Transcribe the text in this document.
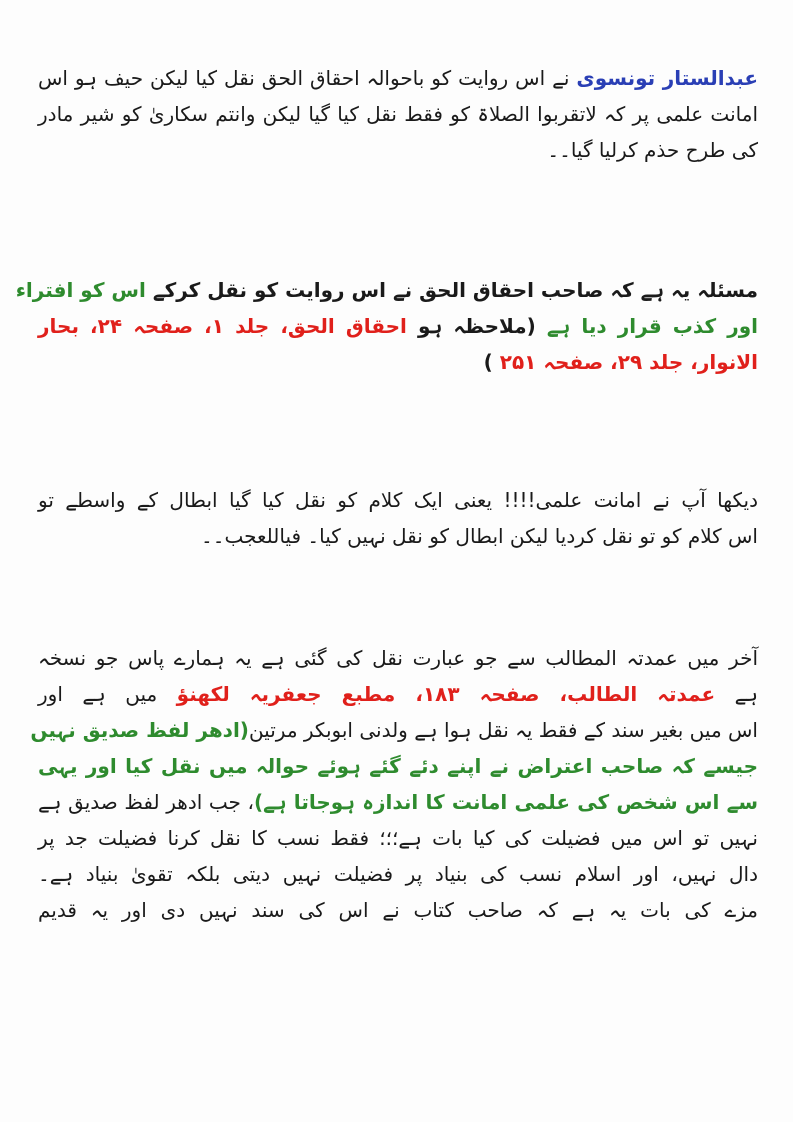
عبدالستار تونسوی نے اس روایت کو باحوالہ احقاق الحق نقل کیا لیکن حیف ہو اس
امانت علمی پر کہ لاتقربوا الصلاۃ کو فقط نقل کیا گیا لیکن وانتم سکاریٰ کو شیر مادر
کی طرح حذم کرلیا گیا۔۔
مسئلہ یہ ہے کہ صاحب احقاق الحق نے اس روایت کو نقل کرکے اس کو افتراء
اور کذب قرار دیا ہے (ملاحظہ ہو احقاق الحق، جلد ۱، صفحہ ۲۴، بحار
الانوار، جلد ۲۹، صفحہ ۲۵۱ )
دیکھا آپ نے امانت علمی!!!! یعنی ایک کلام کو نقل کیا گیا ابطال کے واسطے تو
اس کلام کو تو نقل کردیا لیکن ابطال کو نقل نہیں کیا۔ فیاللعجب۔۔
آخر میں عمدتہ المطالب سے جو عبارت نقل کی گئی ہے یہ ہمارے پاس جو نسخہ
ہے عمدتہ الطالب، صفحہ ۱۸۳، مطبع جعفریہ لکھنؤ میں ہے اور
اس میں بغیر سند کے فقط یہ نقل ہوا ہے ولدنی ابوبکر مرتین(ادھر لفظ صدیق نہیں
جیسے کہ صاحب اعتراض نے اپنے دئے گئے ہوئے حوالہ میں نقل کیا اور یہی
سے اس شخص کی علمی امانت کا اندازہ ہوجاتا ہے)، جب ادھر لفظ صدیق ہے
نہیں تو اس میں فضیلت کی کیا بات ہے؛؛؛ فقط نسب کا نقل کرنا فضیلت جد پر
دال نہیں، اور اسلام نسب کی بنیاد پر فضیلت نہیں دیتی بلکہ تقویٰ بنیاد ہے۔
مزے کی بات یہ ہے کہ صاحب کتاب نے اس کی سند نہیں دی اور یہ قدیم
